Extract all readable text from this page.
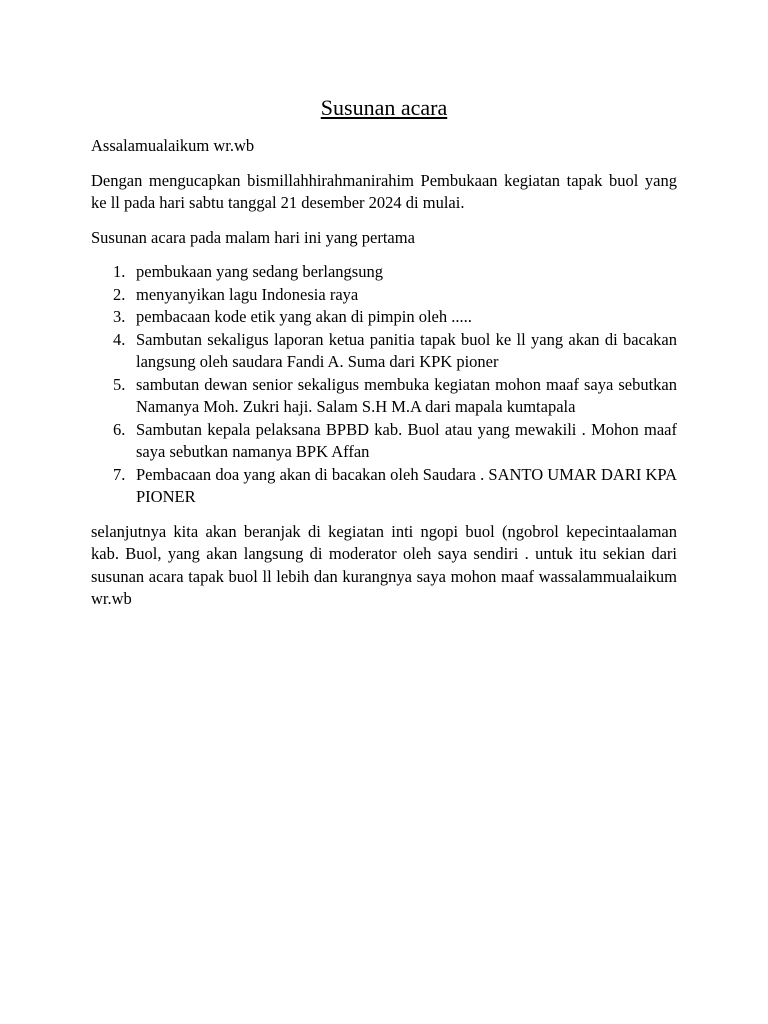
Susunan acara

Assalamualaikum wr.wb

Dengan mengucapkan bismillahhirahmanirahim Pembukaan kegiatan tapak buol yang ke ll pada hari sabtu tanggal 21 desember 2024 di mulai.

Susunan acara pada malam hari ini yang pertama

1. pembukaan yang sedang berlangsung
2. menyanyikan lagu Indonesia raya
3. pembacaan kode etik yang akan di pimpin oleh .....
4. Sambutan sekaligus laporan ketua panitia tapak buol ke ll yang akan di bacakan langsung oleh saudara Fandi A. Suma dari KPK pioner
5. sambutan dewan senior sekaligus membuka kegiatan mohon maaf saya sebutkan Namanya Moh. Zukri haji. Salam S.H M.A dari mapala kumtapala
6. Sambutan kepala pelaksana BPBD kab. Buol atau yang mewakili . Mohon maaf saya sebutkan namanya BPK Affan
7. Pembacaan doa yang akan di bacakan oleh Saudara . SANTO UMAR DARI KPA PIONER

selanjutnya kita akan beranjak di kegiatan inti ngopi buol (ngobrol kepecintaalaman kab. Buol, yang akan langsung di moderator oleh saya sendiri . untuk itu sekian dari susunan acara tapak buol ll lebih dan kurangnya saya mohon maaf wassalammualaikum wr.wb
